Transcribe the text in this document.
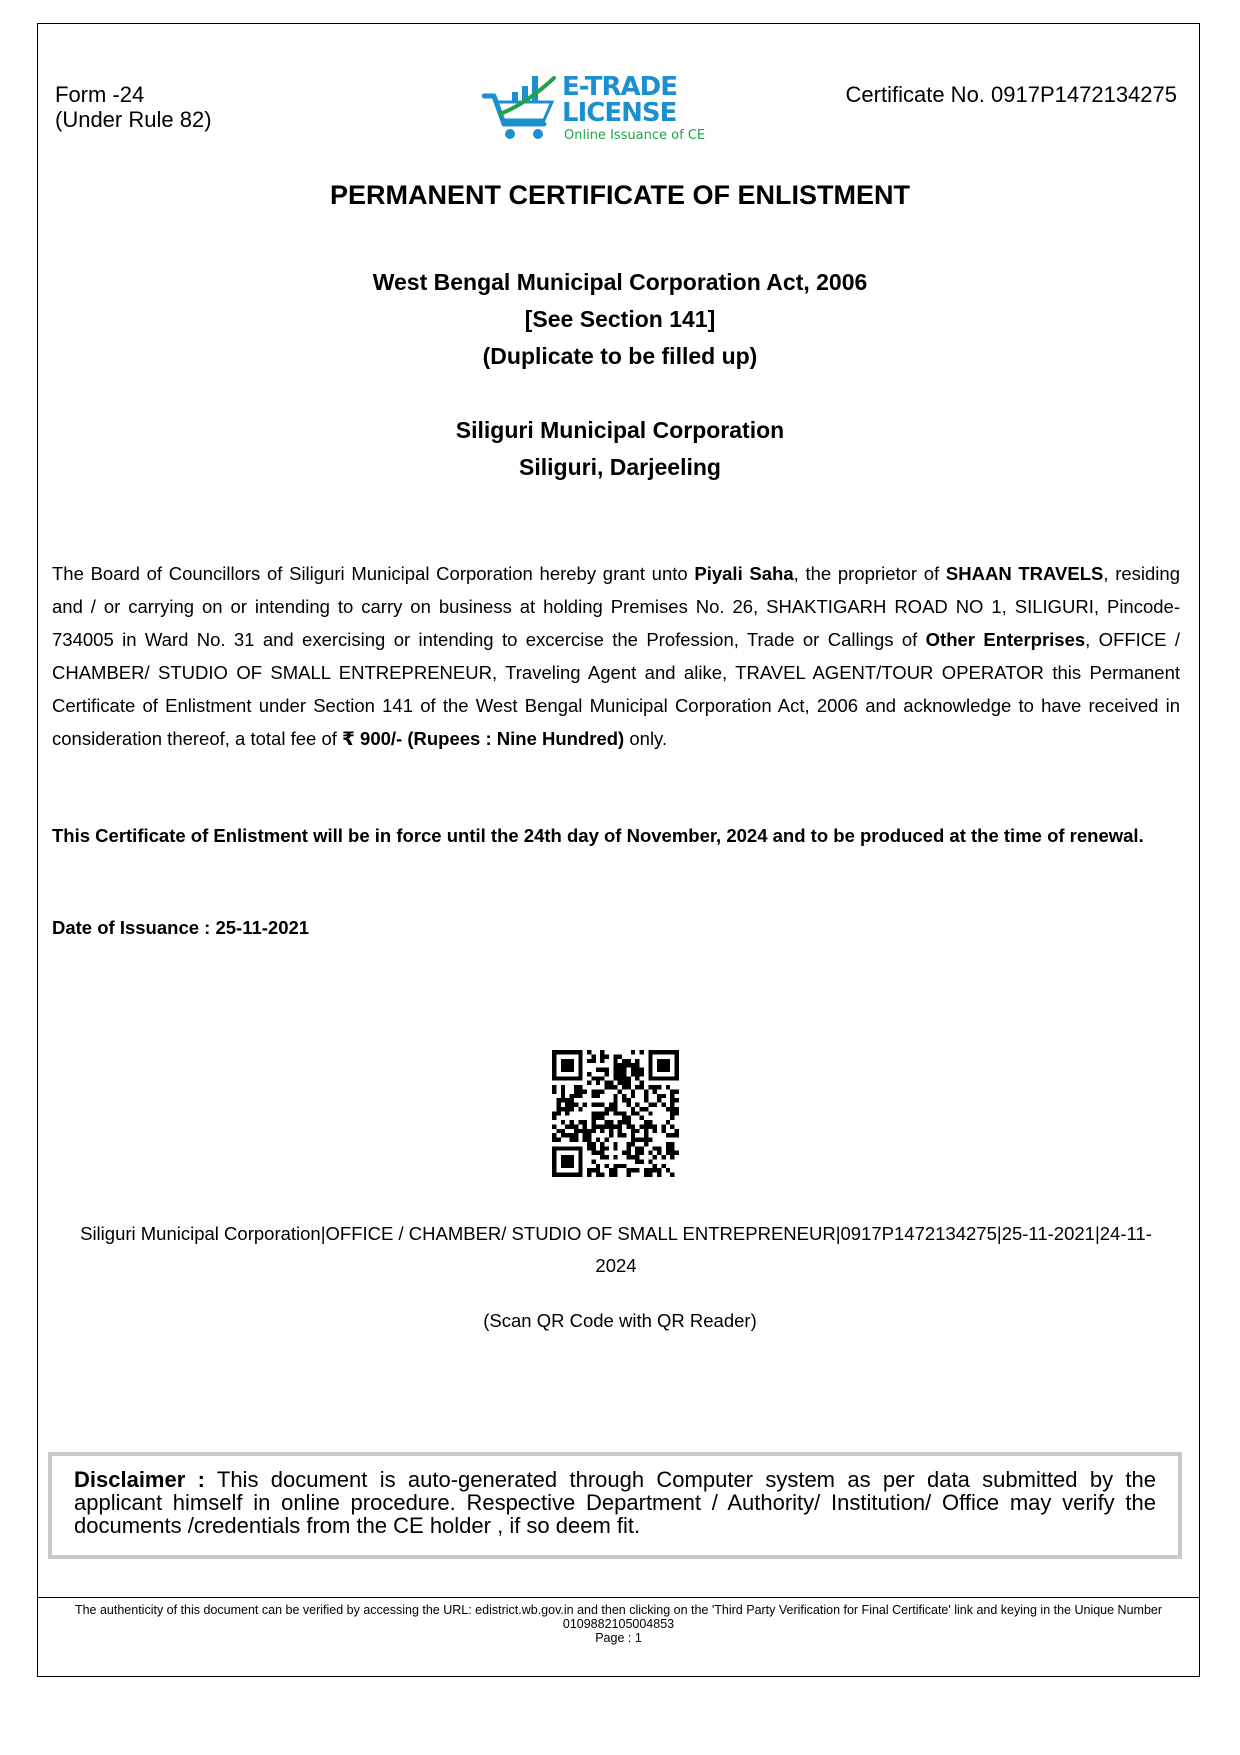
Form -24
(Under Rule 82)
E-TRADE
LICENSE
Online Issuance of CE
Certificate No. 0917P1472134275
PERMANENT CERTIFICATE OF ENLISTMENT
West Bengal Municipal Corporation Act, 2006
[See Section 141]
(Duplicate to be filled up)
Siliguri Municipal Corporation
Siliguri, Darjeeling
The Board of Councillors of Siliguri Municipal Corporation hereby grant unto Piyali Saha, the proprietor of SHAAN TRAVELS, residing and / or carrying on or intending to carry on business at holding Premises No. 26, SHAKTIGARH ROAD NO 1, SILIGURI, Pincode- 734005 in Ward No. 31 and exercising or intending to excercise the Profession, Trade or Callings of Other Enterprises, OFFICE / CHAMBER/ STUDIO OF SMALL ENTREPRENEUR, Traveling Agent and alike, TRAVEL AGENT/TOUR OPERATOR this Permanent Certificate of Enlistment under Section 141 of the West Bengal Municipal Corporation Act, 2006 and acknowledge to have received in consideration thereof, a total fee of ₹ 900/- (Rupees : Nine Hundred) only.
This Certificate of Enlistment will be in force until the 24th day of November, 2024 and to be produced at the time of renewal.
Date of Issuance : 25-11-2021
Siliguri Municipal Corporation|OFFICE / CHAMBER/ STUDIO OF SMALL ENTREPRENEUR|0917P1472134275|25-11-2021|24-11-2024
(Scan QR Code with QR Reader)
Disclaimer : This document is auto-generated through Computer system as per data submitted by the applicant himself in online procedure. Respective Department / Authority/ Institution/ Office may verify the documents /credentials from the CE holder , if so deem fit.
The authenticity of this document can be verified by accessing the URL: edistrict.wb.gov.in and then clicking on the 'Third Party Verification for Final Certificate' link and keying in the Unique Number 0109882105004853
Page : 1
